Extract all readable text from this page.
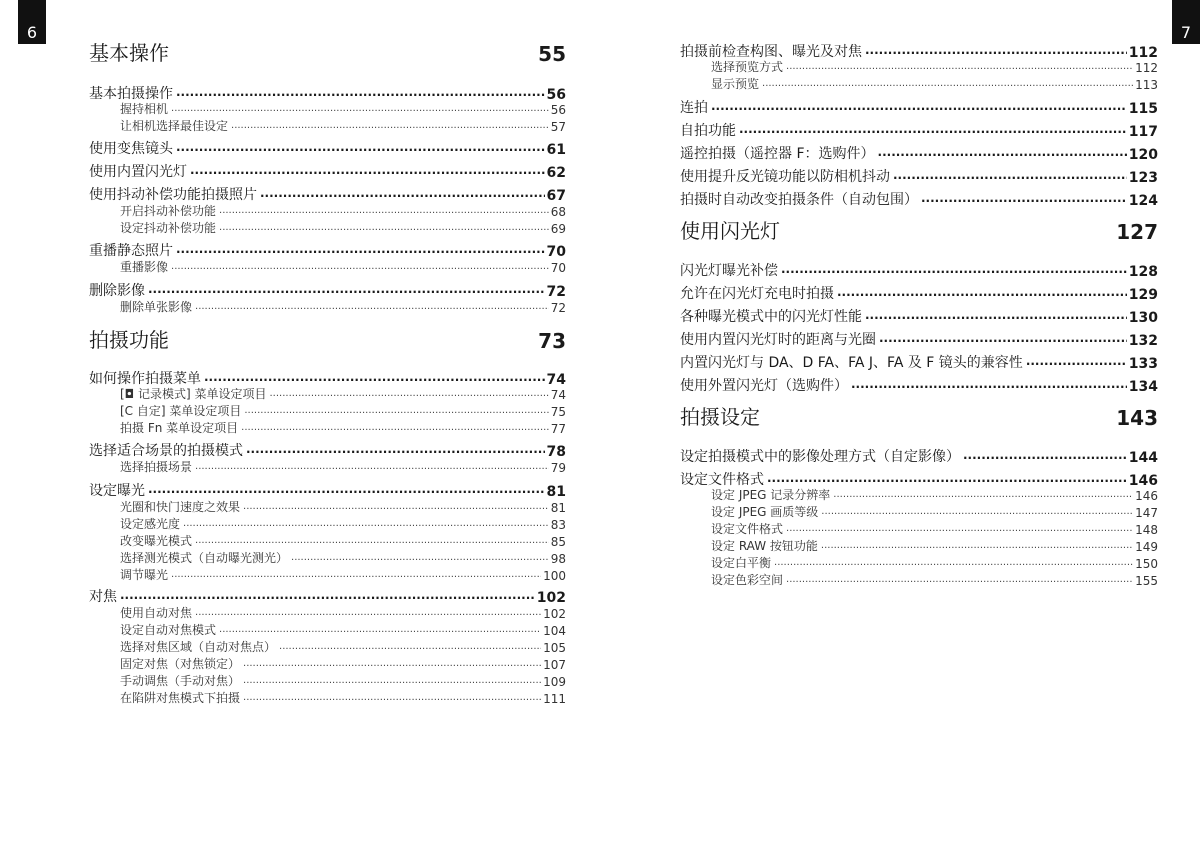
6	7
基本操作	55
基本拍摄操作 .....	56
握持相机 .....	56
让相机选择最佳设定 .....	57
使用变焦镜头 .....	61
使用内置闪光灯 .....	62
使用抖动补偿功能拍摄照片 .....	67
开启抖动补偿功能 .....	68
设定抖动补偿功能 .....	69
重播静态照片 .....	70
重播影像 .....	70
删除影像 .....	72
删除单张影像 .....	72
拍摄功能	73
如何操作拍摄菜单 .....	74
[◘ 记录模式] 菜单设定项目 .....	74
[C 自定] 菜单设定项目 .....	75
拍摄 Fn 菜单设定项目 .....	77
选择适合场景的拍摄模式 .....	78
选择拍摄场景 .....	79
设定曝光 .....	81
光圈和快门速度之效果 .....	81
设定感光度 .....	83
改变曝光模式 .....	85
选择测光模式（自动曝光测光） .....	98
调节曝光 .....	100
对焦 .....	102
使用自动对焦 .....	102
设定自动对焦模式 .....	104
选择对焦区域（自动对焦点） .....	105
固定对焦（对焦锁定） .....	107
手动调焦（手动对焦） .....	109
在陷阱对焦模式下拍摄 .....	111
拍摄前检查构图、曝光及对焦 .....	112
选择预览方式 .....	112
显示预览 .....	113
连拍 .....	115
自拍功能 .....	117
遥控拍摄（遥控器 F：选购件） .....	120
使用提升反光镜功能以防相机抖动 .....	123
拍摄时自动改变拍摄条件（自动包围） .....	124
使用闪光灯	127
闪光灯曝光补偿 .....	128
允许在闪光灯充电时拍摄 .....	129
各种曝光模式中的闪光灯性能 .....	130
使用内置闪光灯时的距离与光圈 .....	132
内置闪光灯与 DA、D FA、FA J、FA 及 F 镜头的兼容性 .....	133
使用外置闪光灯（选购件） .....	134
拍摄设定	143
设定拍摄模式中的影像处理方式（自定影像） .....	144
设定文件格式 .....	146
设定 JPEG 记录分辨率 .....	146
设定 JPEG 画质等级 .....	147
设定文件格式 .....	148
设定 RAW 按钮功能 .....	149
设定白平衡 .....	150
设定色彩空间 .....	155
